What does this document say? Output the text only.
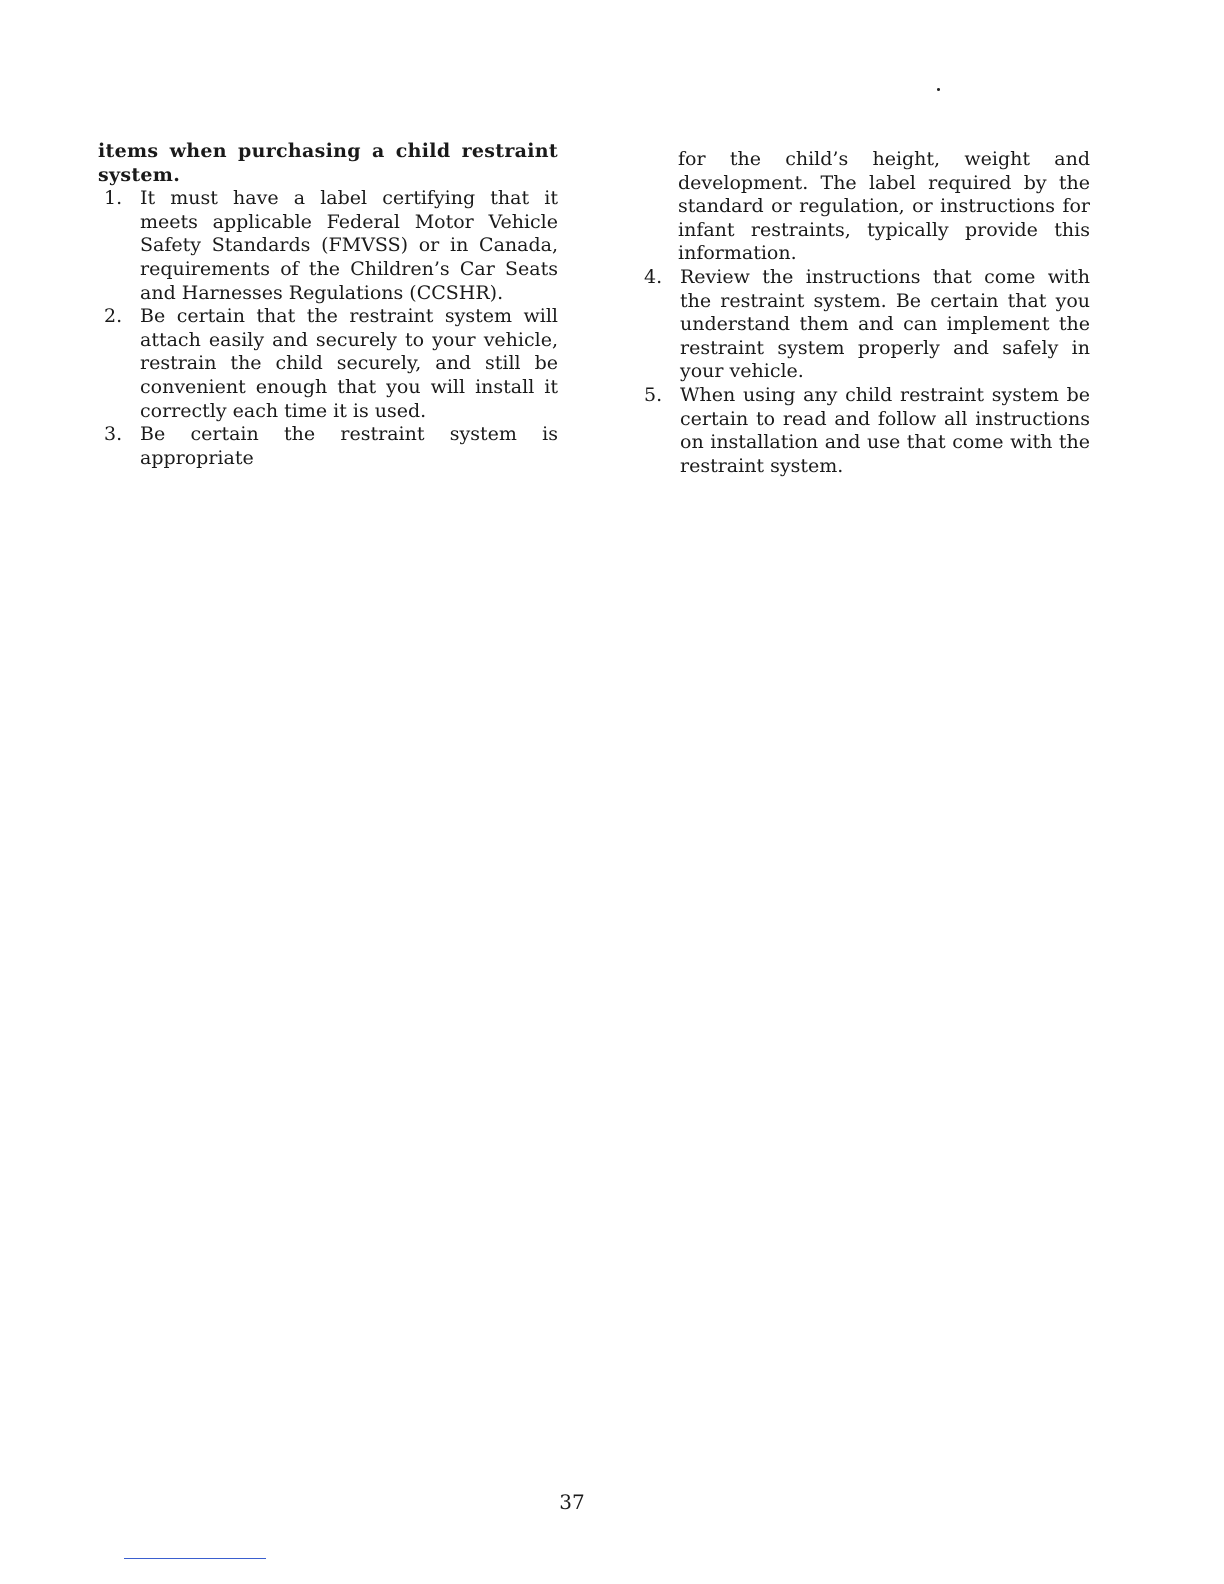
items when purchasing a child restraint system.

1. It must have a label certifying that it meets applicable Federal Motor Vehicle Safety Standards (FMVSS) or in Canada, requirements of the Children’s Car Seats and Harnesses Regulations (CCSHR).
2. Be certain that the restraint system will attach easily and securely to your vehicle, restrain the child securely, and still be convenient enough that you will install it correctly each time it is used.
3. Be certain the restraint system is appropriate

for the child’s height, weight and development. The label required by the standard or regulation, or instructions for infant restraints, typically provide this information.

4. Review the instructions that come with the restraint system. Be certain that you understand them and can implement the restraint system properly and safely in your vehicle.
5. When using any child restraint system be certain to read and follow all instructions on installation and use that come with the restraint system.
37
